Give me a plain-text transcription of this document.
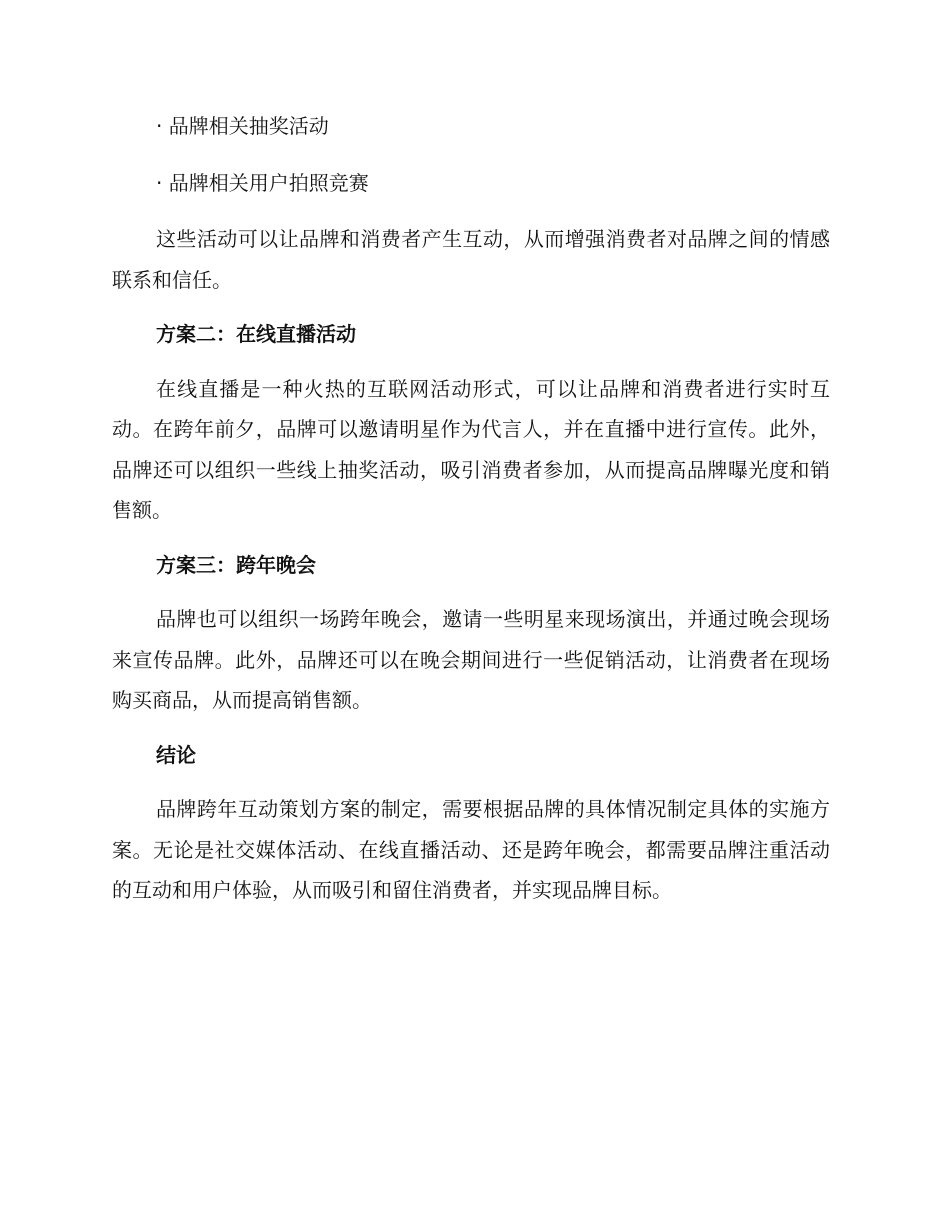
· 品牌相关抽奖活动
· 品牌相关用户拍照竞赛

这些活动可以让品牌和消费者产生互动，从而增强消费者对品牌之间的情感联系和信任。

方案二：在线直播活动

在线直播是一种火热的互联网活动形式，可以让品牌和消费者进行实时互动。在跨年前夕，品牌可以邀请明星作为代言人，并在直播中进行宣传。此外，品牌还可以组织一些线上抽奖活动，吸引消费者参加，从而提高品牌曝光度和销售额。

方案三：跨年晚会

品牌也可以组织一场跨年晚会，邀请一些明星来现场演出，并通过晚会现场来宣传品牌。此外，品牌还可以在晚会期间进行一些促销活动，让消费者在现场购买商品，从而提高销售额。

结论

品牌跨年互动策划方案的制定，需要根据品牌的具体情况制定具体的实施方案。无论是社交媒体活动、在线直播活动、还是跨年晚会，都需要品牌注重活动的互动和用户体验，从而吸引和留住消费者，并实现品牌目标。
